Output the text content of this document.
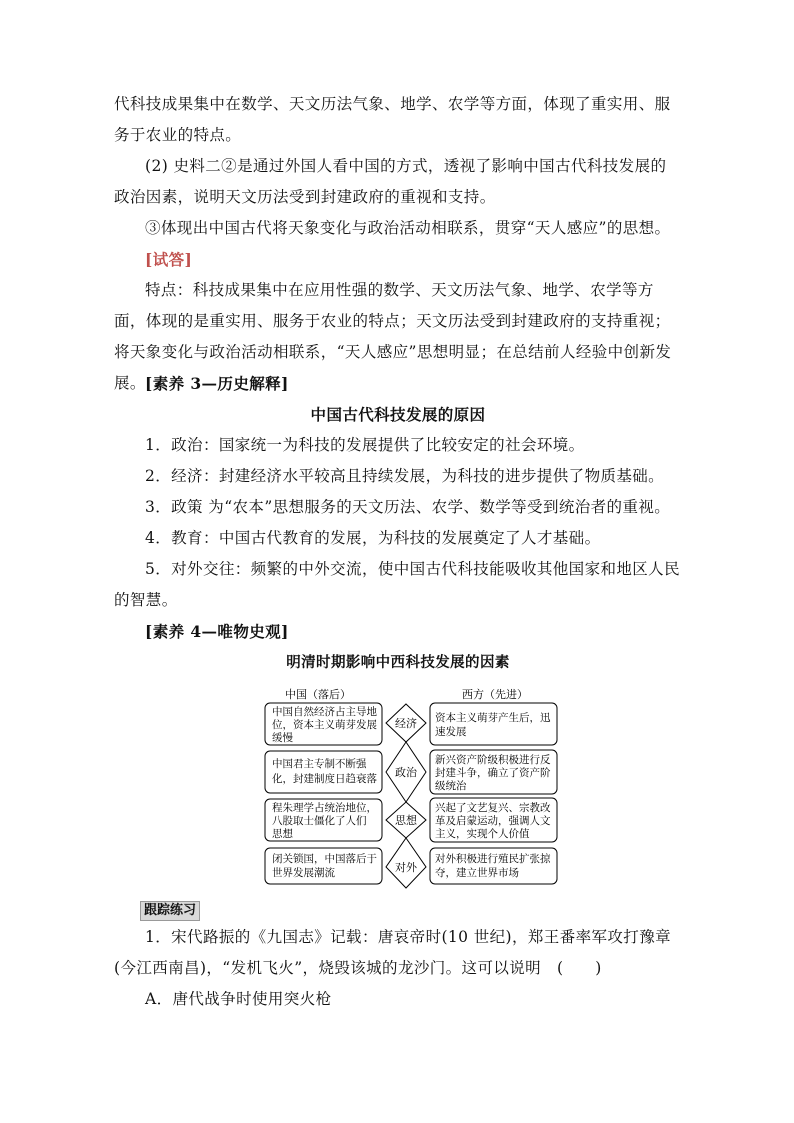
代科技成果集中在数学、天文历法气象、地学、农学等方面，体现了重实用、服务于农业的特点。

(2) 史料二②是通过外国人看中国的方式，透视了影响中国古代科技发展的政治因素，说明天文历法受到封建政府的重视和支持。

③体现出中国古代将天象变化与政治活动相联系，贯穿“天人感应”的思想。

[试答]

特点：科技成果集中在应用性强的数学、天文历法气象、地学、农学等方面，体现的是重实用、服务于农业的特点；天文历法受到封建政府的支持重视；将天象变化与政治活动相联系，“天人感应”思想明显；在总结前人经验中创新发展。 [素养 3—历史解释]

中国古代科技发展的原因

1．政治：国家统一为科技的发展提供了比较安定的社会环境。

2．经济：封建经济水平较高且持续发展，为科技的进步提供了物质基础。

3．政策 为“农本”思想服务的天文历法、农学、数学等受到统治者的重视。

4．教育：中国古代教育的发展，为科技的发展奠定了人才基础。

5．对外交往：频繁的中外交流，使中国古代科技能吸收其他国家和地区人民的智慧。

[素养 4—唯物史观]

明清时期影响中西科技发展的因素

中国（落后）	西方（先进）
中国自然经济占主导地
位，资本主义萌芽发展
缓慢
资本主义萌芽产生后，迅
速发展
中国君主专制不断强
化，封建制度日趋衰落
新兴资产阶级积极进行反
封建斗争，确立了资产阶
级统治
程朱理学占统治地位，
八股取士僵化了人们
思想
兴起了文艺复兴、宗教改
革及启蒙运动，强调人文
主义，实现个人价值
闭关锁国，中国落后于
世界发展潮流
对外积极进行殖民扩张掠
夺，建立世界市场
经济
政治
思想
对外
跟踪练习

1．宋代路振的《九国志》记载：唐哀帝时(10 世纪)，郑王番率军攻打豫章(今江西南昌)，“发机飞火”，烧毁该城的龙沙门。这可以说明　(　　)

A．唐代战争时使用突火枪
